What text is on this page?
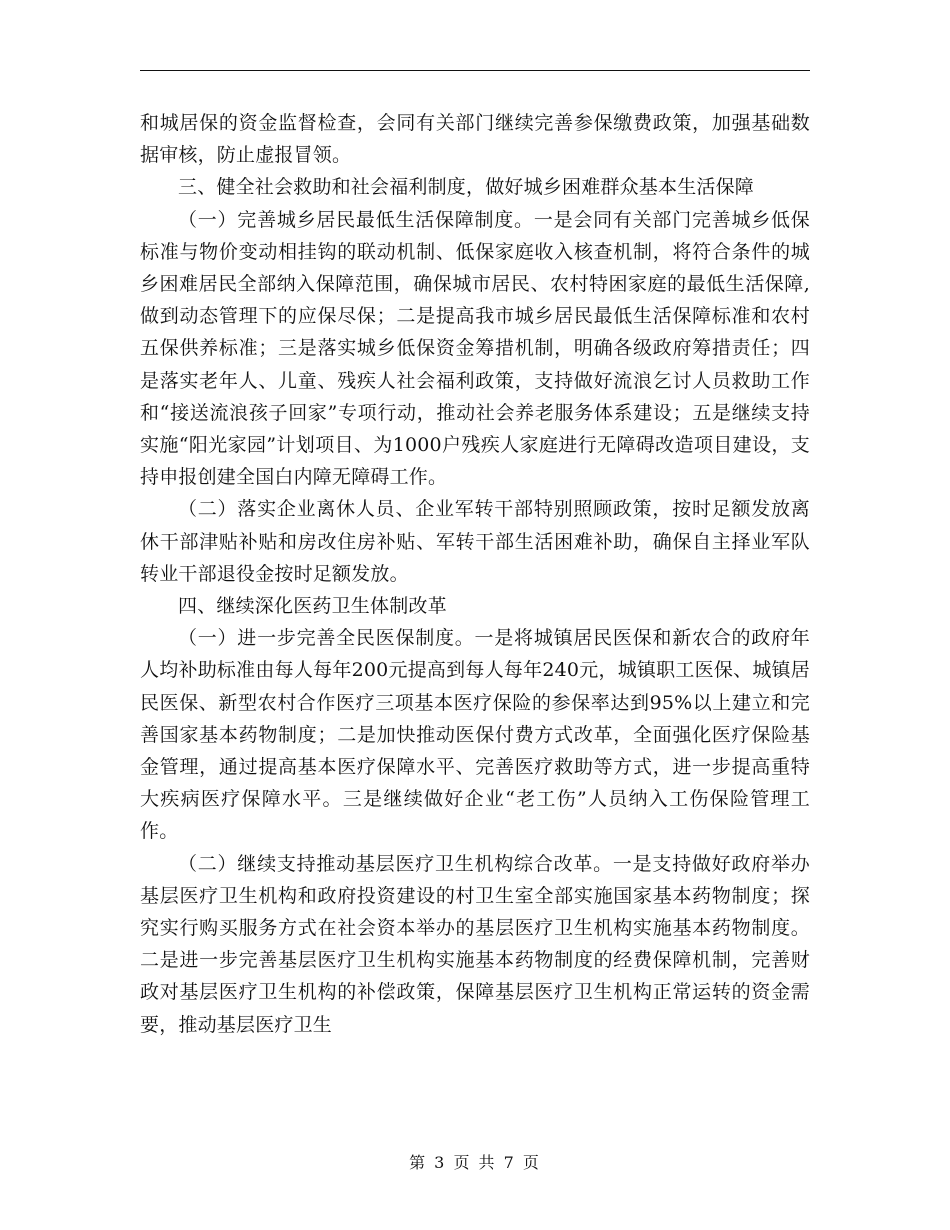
和城居保的资金监督检查，会同有关部门继续完善参保缴费政策，加强基础数据审核，防止虚报冒领。

三、健全社会救助和社会福利制度，做好城乡困难群众基本生活保障

（一）完善城乡居民最低生活保障制度。一是会同有关部门完善城乡低保标准与物价变动相挂钩的联动机制、低保家庭收入核查机制，将符合条件的城乡困难居民全部纳入保障范围，确保城市居民、农村特困家庭的最低生活保障,做到动态管理下的应保尽保；二是提高我市城乡居民最低生活保障标准和农村五保供养标准；三是落实城乡低保资金筹措机制，明确各级政府筹措责任；四是落实老年人、儿童、残疾人社会福利政策，支持做好流浪乞讨人员救助工作和“接送流浪孩子回家”专项行动，推动社会养老服务体系建设；五是继续支持实施“阳光家园”计划项目、为1000户残疾人家庭进行无障碍改造项目建设，支持申报创建全国白内障无障碍工作。

（二）落实企业离休人员、企业军转干部特别照顾政策，按时足额发放离休干部津贴补贴和房改住房补贴、军转干部生活困难补助，确保自主择业军队转业干部退役金按时足额发放。

四、继续深化医药卫生体制改革

（一）进一步完善全民医保制度。一是将城镇居民医保和新农合的政府年人均补助标准由每人每年200元提高到每人每年240元，城镇职工医保、城镇居民医保、新型农村合作医疗三项基本医疗保险的参保率达到95%以上建立和完善国家基本药物制度；二是加快推动医保付费方式改革，全面强化医疗保险基金管理，通过提高基本医疗保障水平、完善医疗救助等方式，进一步提高重特大疾病医疗保障水平。三是继续做好企业“老工伤”人员纳入工伤保险管理工作。

（二）继续支持推动基层医疗卫生机构综合改革。一是支持做好政府举办基层医疗卫生机构和政府投资建设的村卫生室全部实施国家基本药物制度；探究实行购买服务方式在社会资本举办的基层医疗卫生机构实施基本药物制度。二是进一步完善基层医疗卫生机构实施基本药物制度的经费保障机制，完善财政对基层医疗卫生机构的补偿政策，保障基层医疗卫生机构正常运转的资金需要，推动基层医疗卫生

第 3 页 共 7 页
